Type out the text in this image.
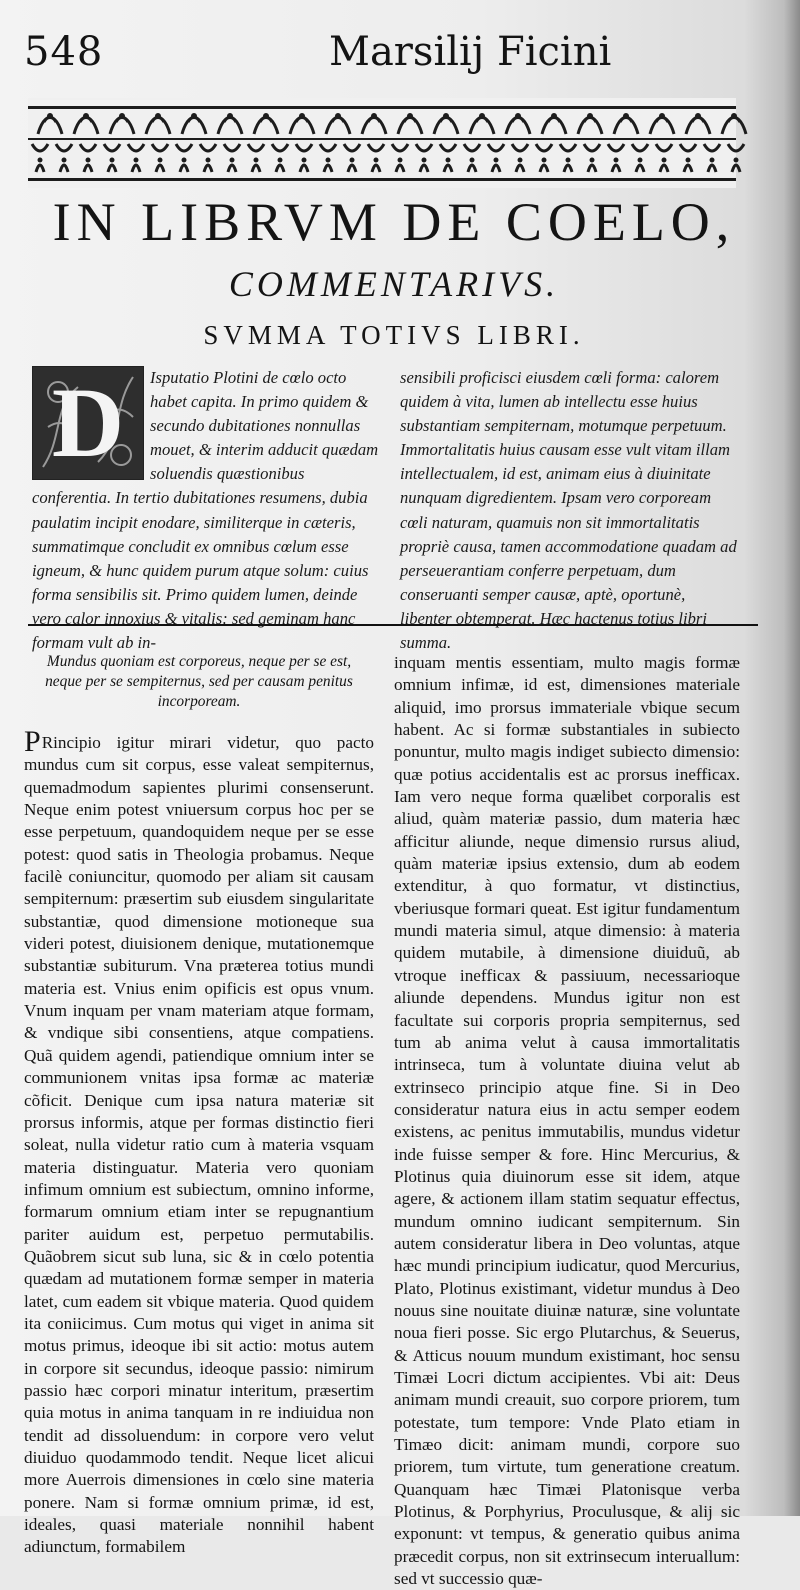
548	Marsilij Ficini
IN LIBRVM DE COELO,
COMMENTARIVS.
SVMMA TOTIVS LIBRI.
D	Isputatio Plotini de cœlo octo habet capita. In primo quidem & secundo dubitationes nonnullas mouet, & interim adducit quædam soluendis quæstionibus conferentia. In tertio dubitationes resumens, dubia paulatim incipit enodare, similiterque in cæteris, summatimque concludit ex omnibus cœlum esse igneum, & hunc quidem purum atque solum: cuius forma sensibilis sit. Primo quidem lumen, deinde vero calor innoxius & vitalis: sed geminam hanc formam vult ab in-
sensibili proficisci eiusdem cœli forma: calorem quidem à vita, lumen ab intellectu esse huius substantiam sempiternam, motumque perpetuum. Immortalitatis huius causam esse vult vitam illam intellectualem, id est, animam eius à diuinitate nunquam digredientem. Ipsam vero corpoream cœli naturam, quamuis non sit immortalitatis propriè causa, tamen accommodatione quadam ad perseuerantiam conferre perpetuam, dum conseruanti semper causæ, aptè, oportunè, libenter obtemperat. Hæc hactenus totius libri summa.

Mundus quoniam est corporeus, neque per se est, neque per se sempiternus, sed per causam penitus incorpoream.

PRincipio igitur mirari videtur, quo pacto mundus cum sit corpus, esse valeat sempiternus, quemadmodum sapientes plurimi consenserunt. Neque enim potest vniuersum corpus hoc per se esse perpetuum, quandoquidem neque per se esse potest: quod satis in Theologia probamus. Neque facilè coniuncitur, quomodo per aliam sit causam sempiternum: præsertim sub eiusdem singularitate substantiæ, quod dimensione motioneque sua videri potest, diuisionem denique, mutationemque substantiæ subiturum. Vna præterea totius mundi materia est. Vnius enim opificis est opus vnum. Vnum inquam per vnam materiam atque formam, & vndique sibi consentiens, atque compatiens. Quã quidem agendi, patiendique omnium inter se communionem vnitas ipsa formæ ac materiæ cõficit. Denique cum ipsa natura materiæ sit prorsus informis, atque per formas distinctio fieri soleat, nulla videtur ratio cum à materia vsquam materia distinguatur. Materia vero quoniam infimum omnium est subiectum, omnino informe, formarum omnium etiam inter se repugnantium pariter auidum est, perpetuo permutabilis. Quãobrem sicut sub luna, sic & in cœlo potentia quædam ad mutationem formæ semper in materia latet, cum eadem sit vbique materia. Quod quidem ita coniicimus. Cum motus qui viget in anima sit motus primus, ideoque ibi sit actio: motus autem in corpore sit secundus, ideoque passio: nimirum passio hæc corpori minatur interitum, præsertim quia motus in anima tanquam in re indiuidua non tendit ad dissoluendum: in corpore vero velut diuiduo quodammodo tendit. Neque licet alicui more Auerrois dimensiones in cœlo sine materia ponere. Nam si formæ omnium primæ, id est, ideales, quasi materiale nonnihil habent adiunctum, formabilem

inquam mentis essentiam, multo magis formæ omnium infimæ, id est, dimensiones materiale aliquid, imo prorsus immateriale vbique secum habent. Ac si formæ substantiales in subiecto ponuntur, multo magis indiget subiecto dimensio: quæ potius accidentalis est ac prorsus inefficax. Iam vero neque forma quælibet corporalis est aliud, quàm materiæ passio, dum materia hæc afficitur aliunde, neque dimensio rursus aliud, quàm materiæ ipsius extensio, dum ab eodem extenditur, à quo formatur, vt distinctius, vberiusque formari queat. Est igitur fundamentum mundi materia simul, atque dimensio: à materia quidem mutabile, à dimensione diuiduũ, ab vtroque inefficax & passiuum, necessarioque aliunde dependens. Mundus igitur non est facultate sui corporis propria sempiternus, sed tum ab anima velut à causa immortalitatis intrinseca, tum à voluntate diuina velut ab extrinseco principio atque fine. Si in Deo consideratur natura eius in actu semper eodem existens, ac penitus immutabilis, mundus videtur inde fuisse semper & fore. Hinc Mercurius, & Plotinus quia diuinorum esse sit idem, atque agere, & actionem illam statim sequatur effectus, mundum omnino iudicant sempiternum. Sin autem consideratur libera in Deo voluntas, atque hæc mundi principium iudicatur, quod Mercurius, Plato, Plotinus existimant, videtur mundus à Deo nouus sine nouitate diuinæ naturæ, sine voluntate noua fieri posse. Sic ergo Plutarchus, & Seuerus, & Atticus nouum mundum existimant, hoc sensu Timæi Locri dictum accipientes. Vbi ait: Deus animam mundi creauit, suo corpore priorem, tum potestate, tum tempore: Vnde Plato etiam in Timæo dicit: animam mundi, corpore suo priorem, tum virtute, tum generatione creatum. Quanquam hæc Timæi Platonisque verba Plotinus, & Porphyrius, Proculusque, & alij sic exponunt: vt tempus, & generatio quibus anima præcedit corpus, non sit extrinsecum interuallum: sed vt successio quæ-
